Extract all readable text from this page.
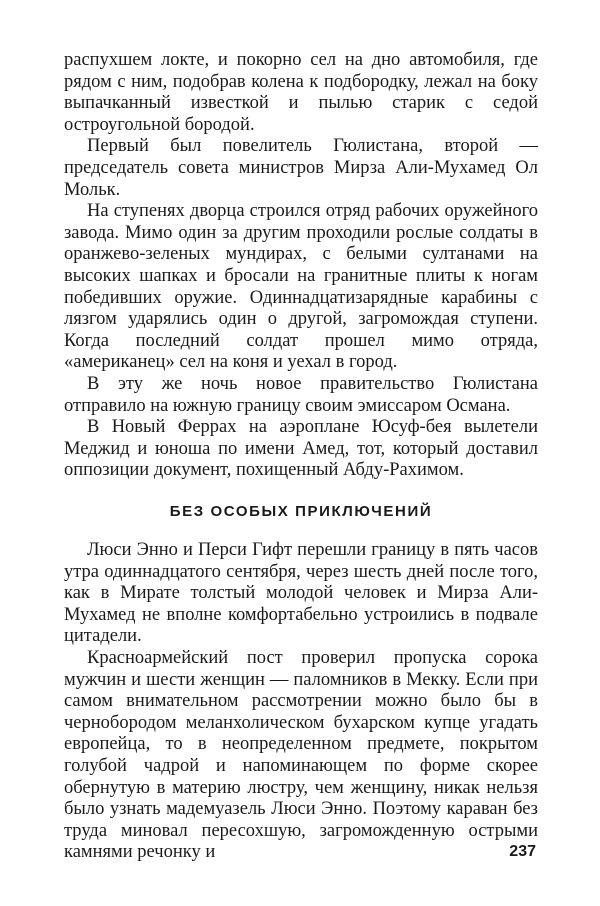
распухшем локте, и покорно сел на дно автомобиля, где рядом с ним, подобрав колена к подбородку, лежал на боку выпачканный известкой и пылью старик с седой остроугольной бородой.

Первый был повелитель Гюлистана, второй — председатель совета министров Мирза Али-Мухамед Ол Мольк.

На ступенях дворца строился отряд рабочих оружейного завода. Мимо один за другим проходили рослые солдаты в оранжево-зеленых мундирах, с белыми султанами на высоких шапках и бросали на гранитные плиты к ногам победивших оружие. Одиннадцатизарядные карабины с лязгом ударялись один о другой, загромождая ступени. Когда последний солдат прошел мимо отряда, «американец» сел на коня и уехал в город.

В эту же ночь новое правительство Гюлистана отправило на южную границу своим эмиссаром Османа.

В Новый Феррах на аэроплане Юсуф-бея вылетели Меджид и юноша по имени Амед, тот, который доставил оппозиции документ, похищенный Абду-Рахимом.

БЕЗ ОСОБЫХ ПРИКЛЮЧЕНИЙ

Люси Энно и Перси Гифт перешли границу в пять часов утра одиннадцатого сентября, через шесть дней после того, как в Мирате толстый молодой человек и Мирза Али-Мухамед не вполне комфортабельно устроились в подвале цитадели.

Красноармейский пост проверил пропуска сорока мужчин и шести женщин — паломников в Мекку. Если при самом внимательном рассмотрении можно было бы в чернобородом меланхолическом бухарском купце угадать европейца, то в неопределенном предмете, покрытом голубой чадрой и напоминающем по форме скорее обернутую в материю люстру, чем женщину, никак нельзя было узнать мадемуазель Люси Энно. Поэтому караван без труда миновал пересохшую, загроможденную острыми камнями речонку и	237
